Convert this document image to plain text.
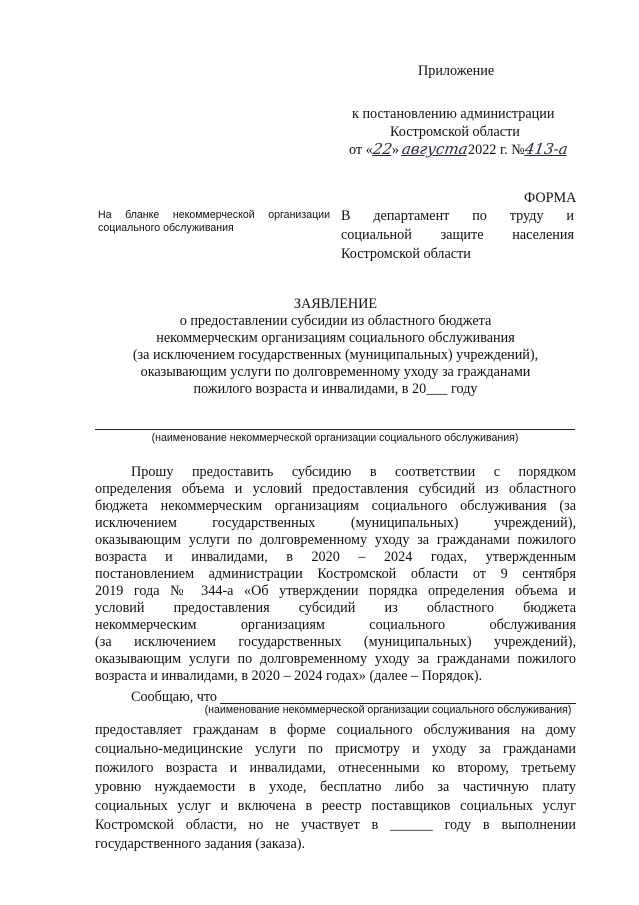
Приложение
к постановлению администрации
Костромской области
от «22» августа2022 г. №413-а
ФОРМА
На бланке некоммерческой организации
социального обслуживания
В департамент по труду и
социальной защите населения
Костромской области
ЗАЯВЛЕНИЕ
о предоставлении субсидии из областного бюджета
некоммерческим организациям социального обслуживания
(за исключением государственных (муниципальных) учреждений),
оказывающим услуги по долговременному уходу за гражданами
пожилого возраста и инвалидами, в 20___ году
(наименование некоммерческой организации социального обслуживания)
Прошу предоставить субсидию в соответствии с порядком
определения объема и условий предоставления субсидий из областного
бюджета некоммерческим организациям социального обслуживания (за
исключением государственных (муниципальных) учреждений),
оказывающим услуги по долговременному уходу за гражданами пожилого
возраста и инвалидами, в 2020 – 2024 годах, утвержденным
постановлением администрации Костромской области от 9 сентября
2019 года № 344-а «Об утверждении порядка определения объема и
условий предоставления субсидий из областного бюджета
некоммерческим организациям социального обслуживания
(за исключением государственных (муниципальных) учреждений),
оказывающим услуги по долговременному уходу за гражданами пожилого
возраста и инвалидами, в 2020 – 2024 годах» (далее – Порядок).
Сообщаю, что
(наименование некоммерческой организации социального обслуживания)
предоставляет гражданам в форме социального обслуживания на дому
социально-медицинские услуги по присмотру и уходу за гражданами
пожилого возраста и инвалидами, отнесенными ко второму, третьему
уровню нуждаемости в уходе, бесплатно либо за частичную плату
социальных услуг и включена в реестр поставщиков социальных услуг
Костромской области, но не участвует в ______ году в выполнении
государственного задания (заказа).
